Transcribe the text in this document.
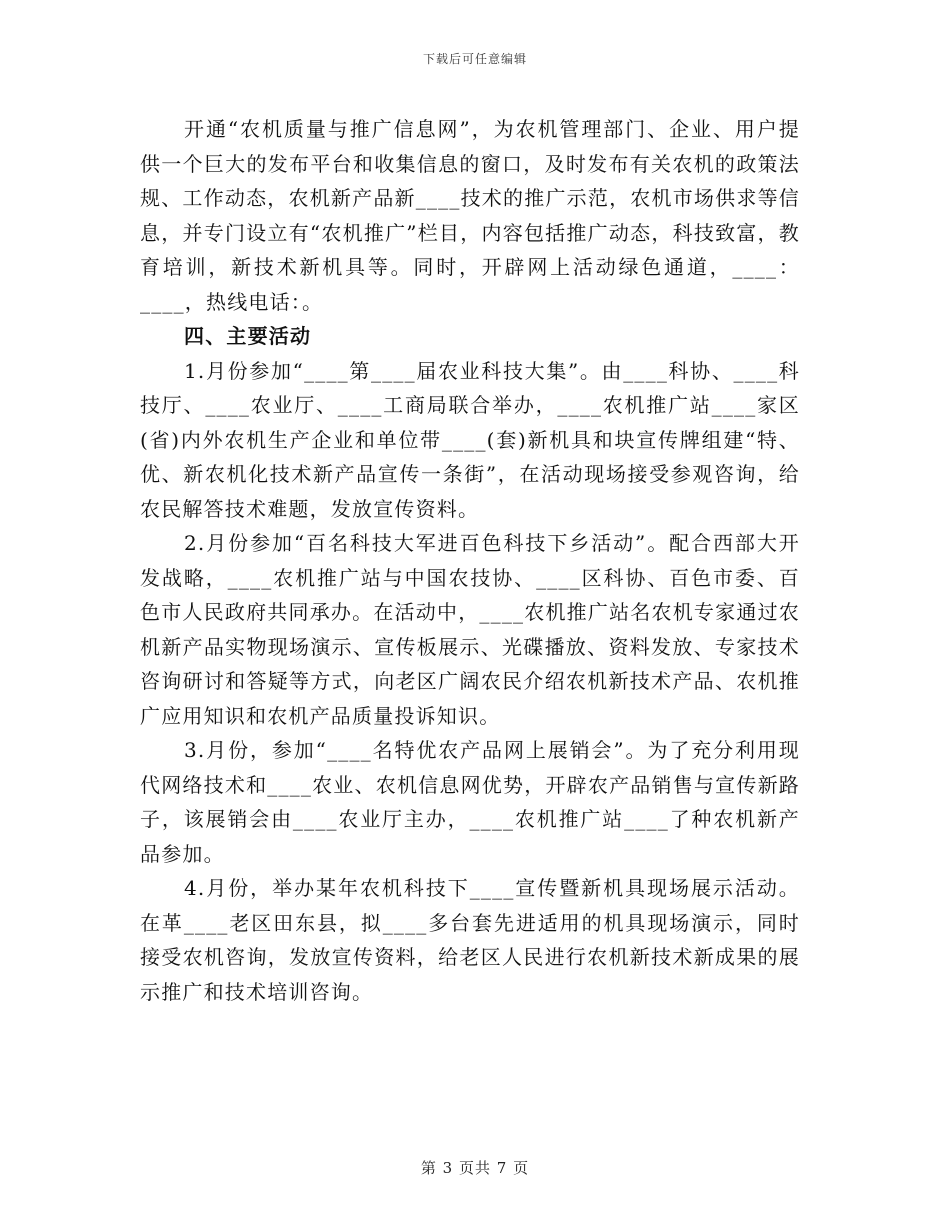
下载后可任意编辑

开通“农机质量与推广信息网”，为农机管理部门、企业、用户提供一个巨大的发布平台和收集信息的窗口，及时发布有关农机的政策法规、工作动态，农机新产品新____技术的推广示范，农机市场供求等信息，并专门设立有“农机推广”栏目，内容包括推广动态，科技致富，教育培训，新技术新机具等。同时，开辟网上活动绿色通道，____：____，热线电话：。

四、主要活动

1.月份参加“____第____届农业科技大集”。由____科协、____科技厅、____农业厅、____工商局联合举办，____农机推广站____家区(省)内外农机生产企业和单位带____(套)新机具和块宣传牌组建“特、优、新农机化技术新产品宣传一条街”，在活动现场接受参观咨询，给农民解答技术难题，发放宣传资料。

2.月份参加“百名科技大军进百色科技下乡活动”。配合西部大开发战略，____农机推广站与中国农技协、____区科协、百色市委、百色市人民政府共同承办。在活动中，____农机推广站名农机专家通过农机新产品实物现场演示、宣传板展示、光碟播放、资料发放、专家技术咨询研讨和答疑等方式，向老区广阔农民介绍农机新技术产品、农机推广应用知识和农机产品质量投诉知识。

3.月份，参加“____名特优农产品网上展销会”。为了充分利用现代网络技术和____农业、农机信息网优势，开辟农产品销售与宣传新路子，该展销会由____农业厅主办，____农机推广站____了种农机新产品参加。

4.月份，举办某年农机科技下____宣传暨新机具现场展示活动。在革____老区田东县，拟____多台套先进适用的机具现场演示，同时接受农机咨询，发放宣传资料，给老区人民进行农机新技术新成果的展示推广和技术培训咨询。

第 3 页共 7 页
